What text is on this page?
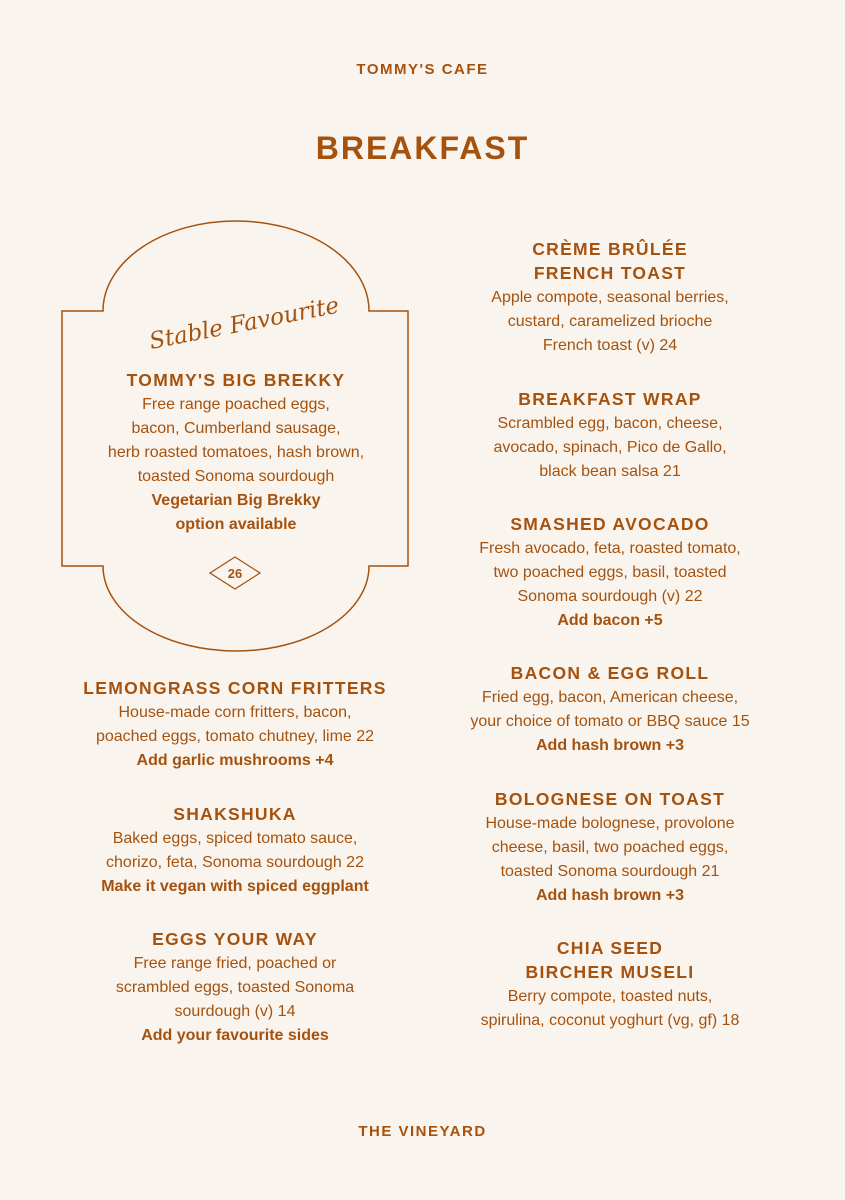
TOMMY'S CAFE
BREAKFAST
Stable Favourite
TOMMY'S BIG BREKKY
Free range poached eggs,
bacon, Cumberland sausage,
herb roasted tomatoes, hash brown,
toasted Sonoma sourdough
Vegetarian Big Brekky
option available
26
LEMONGRASS CORN FRITTERS
House-made corn fritters, bacon,
poached eggs, tomato chutney, lime 22
Add garlic mushrooms +4
SHAKSHUKA
Baked eggs, spiced tomato sauce,
chorizo, feta, Sonoma sourdough 22
Make it vegan with spiced eggplant
EGGS YOUR WAY
Free range fried, poached or
scrambled eggs, toasted Sonoma
sourdough (v) 14
Add your favourite sides
CRÈME BRÛLÉE
FRENCH TOAST
Apple compote, seasonal berries,
custard, caramelized brioche
French toast (v) 24
BREAKFAST WRAP
Scrambled egg, bacon, cheese,
avocado, spinach, Pico de Gallo,
black bean salsa 21
SMASHED AVOCADO
Fresh avocado, feta, roasted tomato,
two poached eggs, basil, toasted
Sonoma sourdough (v) 22
Add bacon +5
BACON & EGG ROLL
Fried egg, bacon, American cheese,
your choice of tomato or BBQ sauce 15
Add hash brown +3
BOLOGNESE ON TOAST
House-made bolognese, provolone
cheese, basil, two poached eggs,
toasted Sonoma sourdough 21
Add hash brown +3
CHIA SEED
BIRCHER MUSELI
Berry compote, toasted nuts,
spirulina, coconut yoghurt (vg, gf) 18
THE VINEYARD
